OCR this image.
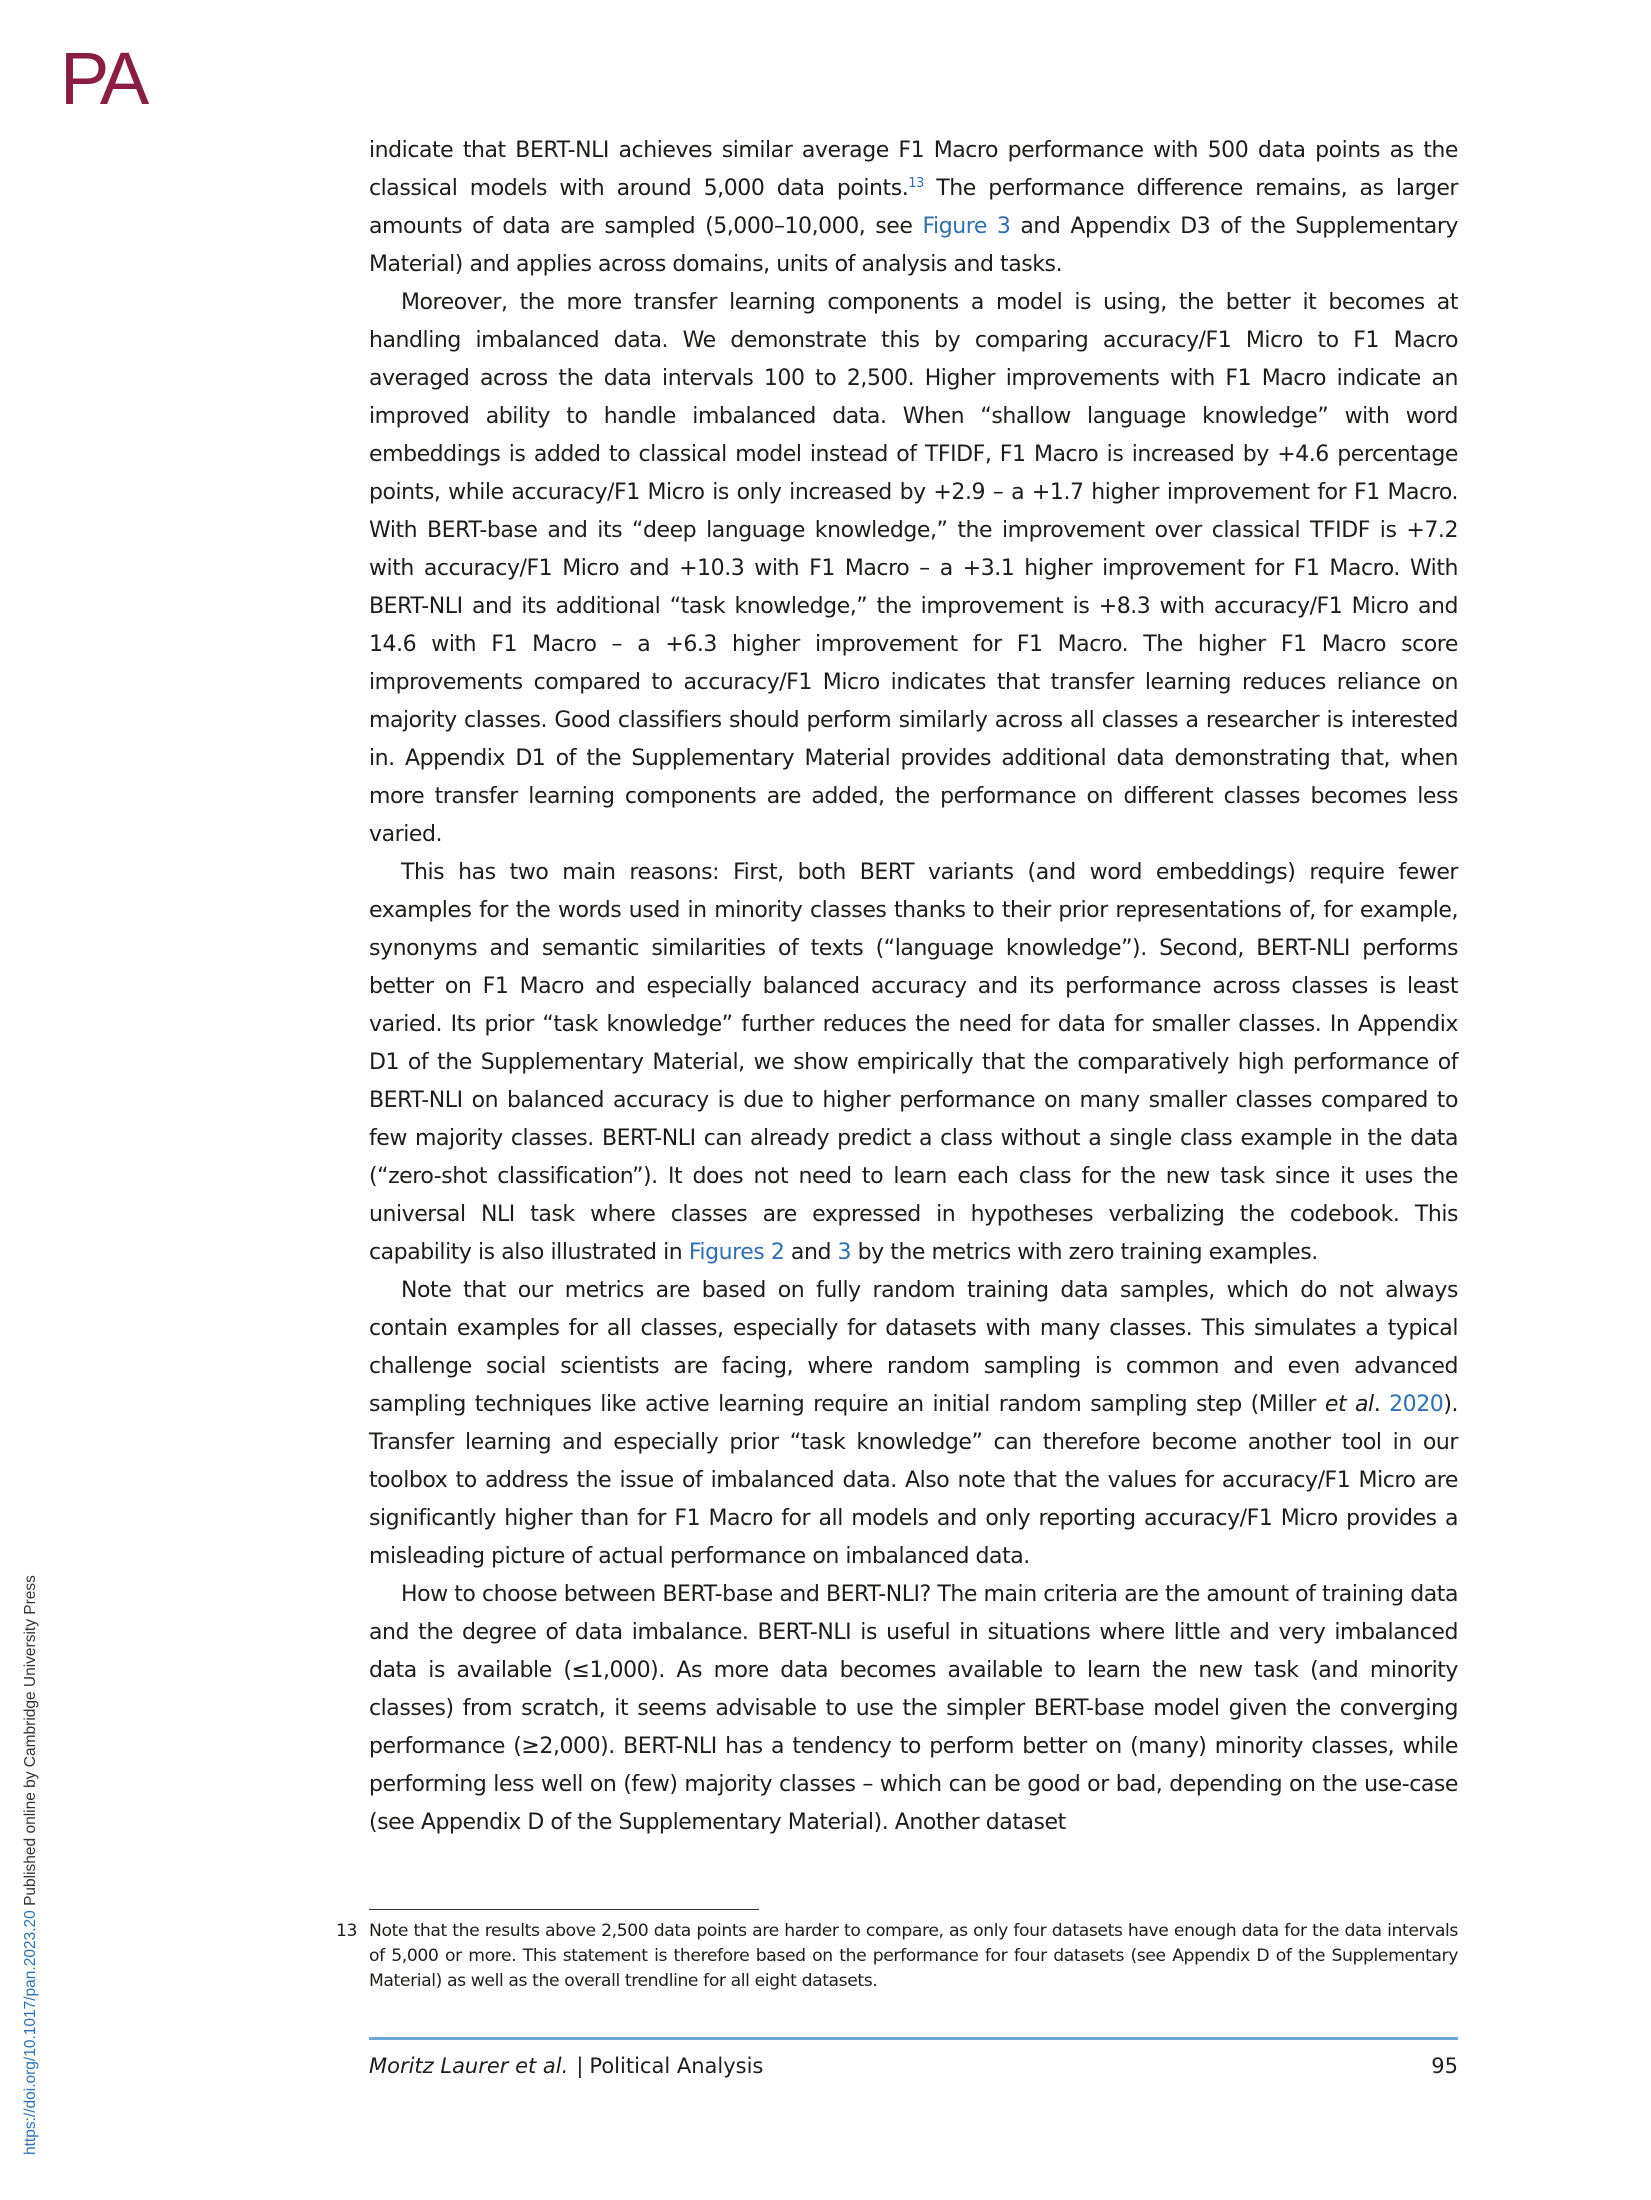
PA
https://doi.org/10.1017/pan.2023.20 Published online by Cambridge University Press

indicate that BERT-NLI achieves similar average F1 Macro performance with 500 data points as the classical models with around 5,000 data points.$^{13}$ The performance difference remains, as larger amounts of data are sampled (5,000–10,000, see Figure 3 and Appendix D3 of the Supplementary Material) and applies across domains, units of analysis and tasks.

Moreover, the more transfer learning components a model is using, the better it becomes at handling imbalanced data. We demonstrate this by comparing accuracy/F1 Micro to F1 Macro averaged across the data intervals 100 to 2,500. Higher improvements with F1 Macro indicate an improved ability to handle imbalanced data. When “shallow language knowledge” with word embeddings is added to classical model instead of TFIDF, F1 Macro is increased by +4.6 percentage points, while accuracy/F1 Micro is only increased by +2.9 – a +1.7 higher improvement for F1 Macro. With BERT-base and its “deep language knowledge,” the improvement over classical TFIDF is +7.2 with accuracy/F1 Micro and +10.3 with F1 Macro – a +3.1 higher improvement for F1 Macro. With BERT-NLI and its additional “task knowledge,” the improvement is +8.3 with accuracy/F1 Micro and 14.6 with F1 Macro – a +6.3 higher improvement for F1 Macro. The higher F1 Macro score improvements compared to accuracy/F1 Micro indicates that transfer learning reduces reliance on majority classes. Good classifiers should perform similarly across all classes a researcher is interested in. Appendix D1 of the Supplementary Material provides additional data demonstrating that, when more transfer learning components are added, the performance on different classes becomes less varied.

This has two main reasons: First, both BERT variants (and word embeddings) require fewer examples for the words used in minority classes thanks to their prior representations of, for example, synonyms and semantic similarities of texts (“language knowledge”). Second, BERT-NLI performs better on F1 Macro and especially balanced accuracy and its performance across classes is least varied. Its prior “task knowledge” further reduces the need for data for smaller classes. In Appendix D1 of the Supplementary Material, we show empirically that the comparatively high performance of BERT-NLI on balanced accuracy is due to higher performance on many smaller classes compared to few majority classes. BERT-NLI can already predict a class without a single class example in the data (“zero-shot classification”). It does not need to learn each class for the new task since it uses the universal NLI task where classes are expressed in hypotheses verbalizing the codebook. This capability is also illustrated in Figures 2 and 3 by the metrics with zero training examples.

Note that our metrics are based on fully random training data samples, which do not always contain examples for all classes, especially for datasets with many classes. This simulates a typical challenge social scientists are facing, where random sampling is common and even advanced sampling techniques like active learning require an initial random sampling step (Miller et al. 2020). Transfer learning and especially prior “task knowledge” can therefore become another tool in our toolbox to address the issue of imbalanced data. Also note that the values for accuracy/F1 Micro are significantly higher than for F1 Macro for all models and only reporting accuracy/F1 Micro provides a misleading picture of actual performance on imbalanced data.

How to choose between BERT-base and BERT-NLI? The main criteria are the amount of training data and the degree of data imbalance. BERT-NLI is useful in situations where little and very imbalanced data is available (≤1,000). As more data becomes available to learn the new task (and minority classes) from scratch, it seems advisable to use the simpler BERT-base model given the converging performance (≥2,000). BERT-NLI has a tendency to perform better on (many) minority classes, while performing less well on (few) majority classes – which can be good or bad, depending on the use-case (see Appendix D of the Supplementary Material). Another dataset

13 Note that the results above 2,500 data points are harder to compare, as only four datasets have enough data for the data intervals of 5,000 or more. This statement is therefore based on the performance for four datasets (see Appendix D of the Supplementary Material) as well as the overall trendline for all eight datasets.
Moritz Laurer et al. | Political Analysis	95
